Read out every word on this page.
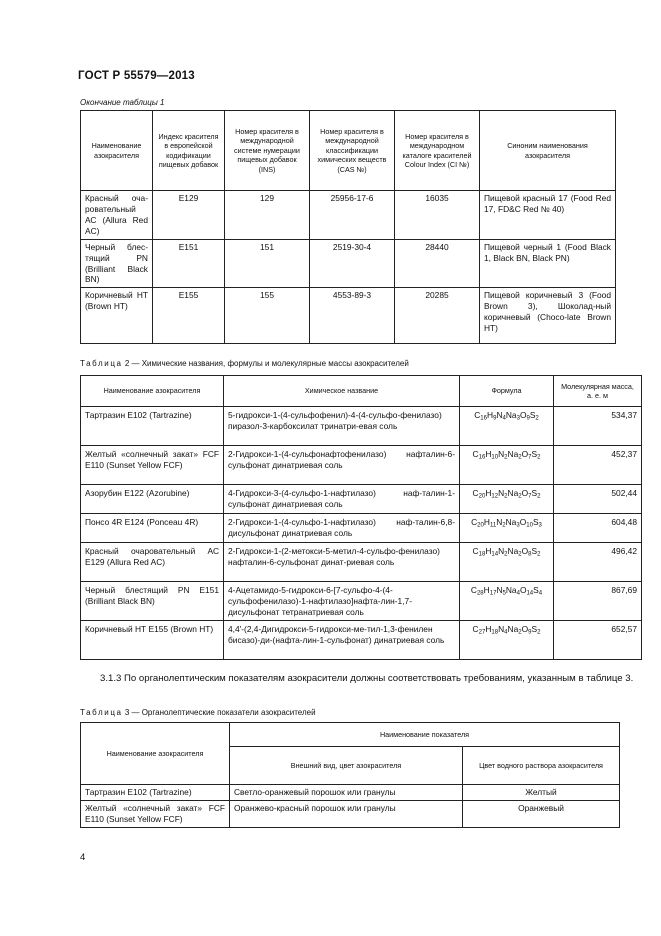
ГОСТ Р 55579—2013
Окончание таблицы 1
Наименование азокрасителя	Индекс красителя в европейской кодификации пищевых добавок	Номер красителя в международной системе нумерации пищевых добавок (INS)	Номер красителя в международной классификации химических веществ (CAS №)	Номер красителя в международном каталоге красителей Colour Index (CI №)	Синоним наименования азокрасителя
Красный оча-ровательный АС (Allura Red AC)	E129	129	25956-17-6	16035	Пищевой красный 17 (Food Red 17, FD&C Red № 40)
Черный блес-тящий PN (Brilliant Black BN)	E151	151	2519-30-4	28440	Пищевой черный 1 (Food Black 1, Black BN, Black PN)
Коричневый НТ (Brown HT)	E155	155	4553-89-3	20285	Пищевой коричневый 3 (Food Brown 3), Шоколад-ный коричневый (Choco-late Brown HT)
Таблица 2 — Химические названия, формулы и молекулярные массы азокрасителей
Наименование азокрасителя	Химическое название	Формула	Молекулярная масса, а. е. м
Тартразин Е102 (Tartrazine)	5-гидрокси-1-(4-сульфофенил)-4-(4-сульфо-фенилазо) пиразол-3-карбоксилат тринатри-евая соль	$C_{16}H_9N_4Na_3O_9S_2$	534,37
Желтый «солнечный закат» FCF E110 (Sunset Yellow FCF)	2-Гидрокси-1-(4-сульфонафтофенилазо) нафталин-6-сульфонат динатриевая соль	$C_{16}H_{10}N_2Na_2O_7S_2$	452,37
Азорубин Е122 (Azorubine)	4-Гидрокси-3-(4-сульфо-1-нафтилазо) наф-талин-1-сульфонат динатриевая соль	$C_{20}H_{12}N_2Na_2O_7S_2$	502,44
Понсо 4R E124 (Ponceau 4R)	2-Гидрокси-1-(4-сульфо-1-нафтилазо) наф-талин-6,8-дисульфонат динатриевая соль	$C_{20}H_{11}N_2Na_3O_{10}S_3$	604,48
Красный очаровательный АС Е129 (Allura Red AC)	2-Гидрокси-1-(2-метокси-5-метил-4-сульфо-фенилазо) нафталин-6-сульфонат динат-риевая соль	$C_{18}H_{14}N_2Na_2O_8S_2$	496,42
Черный блестящий PN E151 (Brilliant Black BN)	4-Ацетамидо-5-гидрокси-6-[7-сульфо-4-(4-сульфофенилазо)-1-нафтилазо]нафта-лин-1,7-дисульфонат тетранатриевая соль	$C_{28}H_{17}N_5Na_4O_{14}S_4$	867,69
Коричневый НТ Е155 (Brown HT)	4,4'-(2,4-Дигидрокси-5-гидрокси-ме-тил-1,3-фенилен бисазо)-ди-(нафта-лин-1-сульфонат) динатриевая соль	$C_{27}H_{18}N_4Na_2O_9S_2$	652,57
3.1.3 По органолептическим показателям азокрасители должны соответствовать требованиям, указанным в таблице 3.
Таблица 3 — Органолептические показатели азокрасителей
Наименование азокрасителя	Наименование показателя	
	Внешний вид, цвет азокрасителя	Цвет водного раствора азокрасителя
Тартразин Е102 (Tartrazine)	Светло-оранжевый порошок или гранулы	Желтый
Желтый «солнечный закат» FCF E110 (Sunset Yellow FCF)	Оранжево-красный порошок или гранулы	Оранжевый
4
